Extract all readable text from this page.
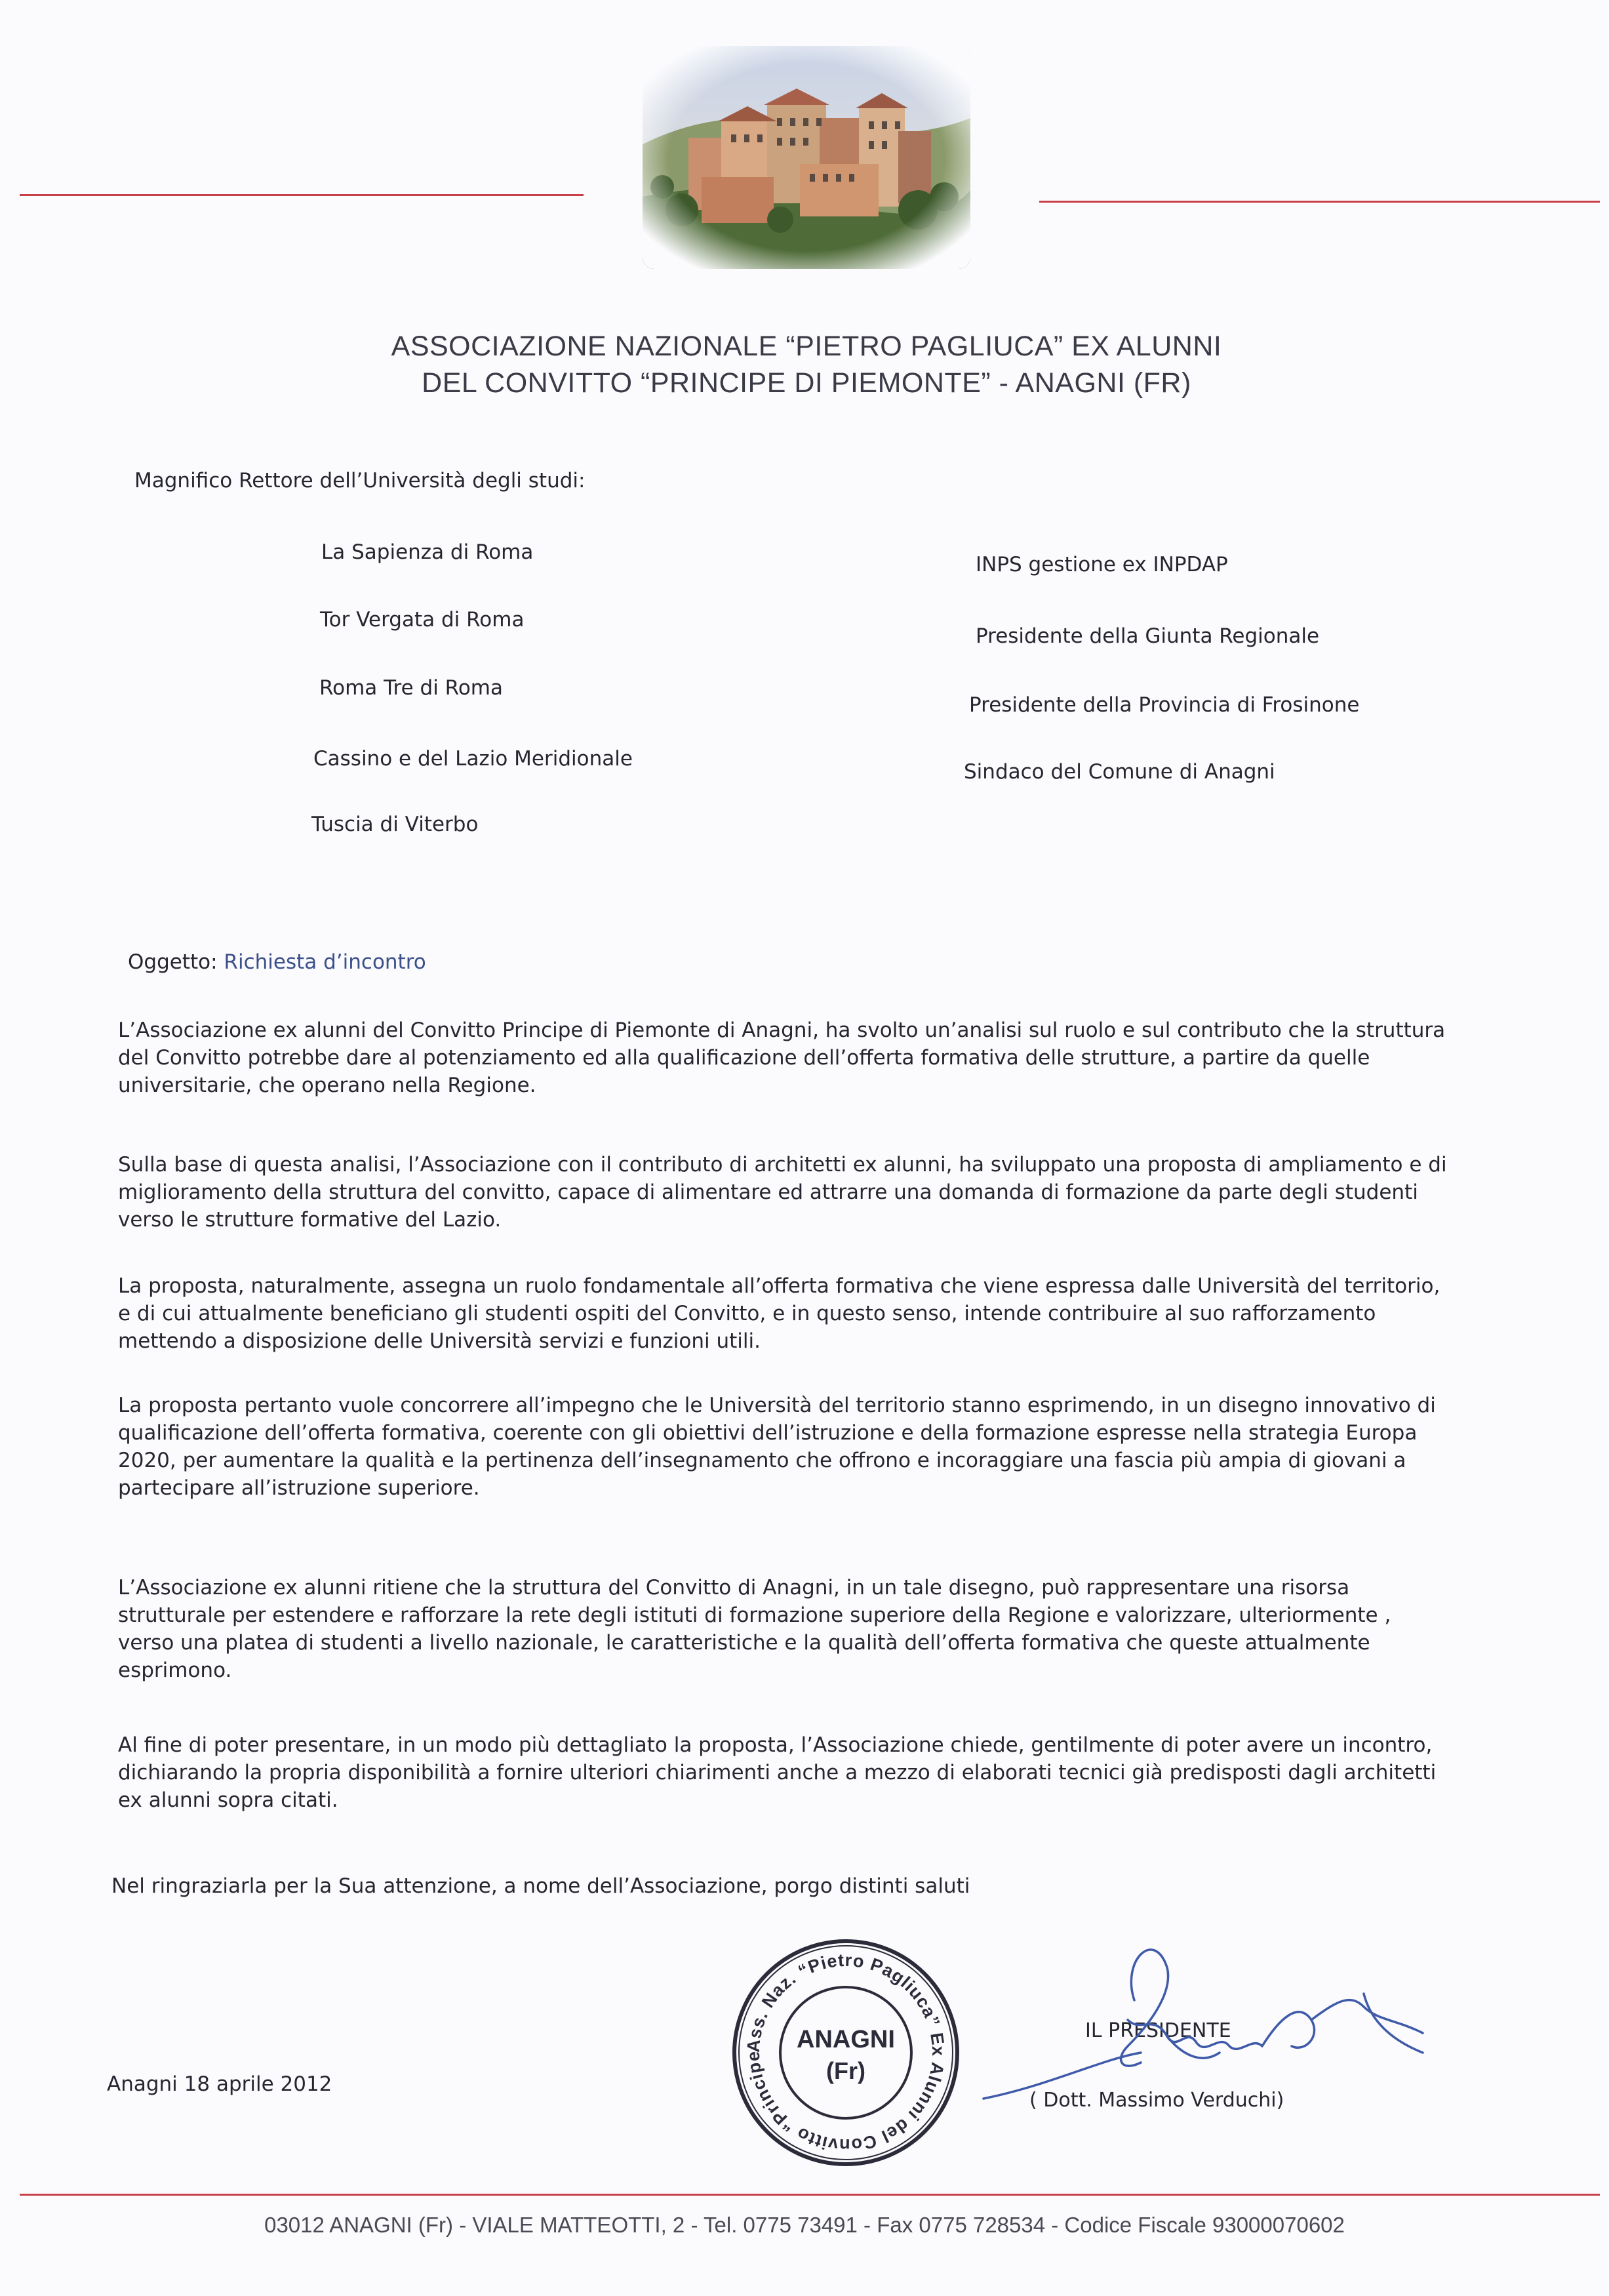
ASSOCIAZIONE NAZIONALE “PIETRO PAGLIUCA” EX ALUNNI
DEL CONVITTO “PRINCIPE DI PIEMONTE” - ANAGNI (FR)
Magnifico Rettore dell’Università degli studi:
La Sapienza di Roma
Tor Vergata di Roma
Roma Tre di Roma
Cassino e del Lazio Meridionale
Tuscia di Viterbo
INPS gestione ex INPDAP
Presidente della Giunta Regionale
Presidente della Provincia di Frosinone
Sindaco del Comune di Anagni
Oggetto: Richiesta d’incontro
L’Associazione ex alunni del Convitto Principe di Piemonte di Anagni, ha svolto un’analisi sul ruolo e sul contributo che la struttura
del Convitto potrebbe dare al potenziamento ed alla qualificazione dell’offerta formativa delle strutture, a partire da quelle
universitarie, che operano nella Regione.
Sulla base di questa analisi, l’Associazione con il contributo di architetti ex alunni, ha sviluppato una proposta di ampliamento e di
miglioramento della struttura del convitto, capace di alimentare ed attrarre una domanda di formazione da parte degli studenti
verso le strutture formative del Lazio.
La proposta, naturalmente, assegna un ruolo fondamentale all’offerta formativa che viene espressa dalle Università del territorio,
e di cui attualmente beneficiano gli studenti ospiti del Convitto, e in questo senso, intende contribuire al suo rafforzamento
mettendo a disposizione delle Università servizi e funzioni utili.
La proposta pertanto vuole concorrere all’impegno che le Università del territorio stanno esprimendo, in un disegno innovativo di
qualificazione dell’offerta formativa, coerente con gli obiettivi dell’istruzione e della formazione espresse nella strategia Europa
2020, per aumentare la qualità e la pertinenza dell’insegnamento che offrono e incoraggiare una fascia più ampia di giovani a
partecipare all’istruzione superiore.
L’Associazione ex alunni ritiene che la struttura del Convitto di Anagni, in un tale disegno, può rappresentare una risorsa
strutturale per estendere e rafforzare la rete degli istituti di formazione superiore della Regione e valorizzare, ulteriormente ,
verso una platea di studenti a livello nazionale, le caratteristiche e la qualità dell’offerta formativa che queste attualmente
esprimono.
Al fine di poter presentare, in un modo più dettagliato la proposta, l’Associazione chiede, gentilmente di poter avere un incontro,
dichiarando la propria disponibilità a fornire ulteriori chiarimenti anche a mezzo di elaborati tecnici già predisposti dagli architetti
ex alunni sopra citati.
Nel ringraziarla per la Sua attenzione, a nome dell’Associazione, porgo distinti saluti
Anagni 18 aprile 2012
Ass. Naz. “Pietro Pagliuca” Ex Alunni del Convitto “Principe
ANAGNI
(Fr)
IL PRESIDENTE
( Dott. Massimo Verduchi)
03012 ANAGNI (Fr) - VIALE MATTEOTTI, 2 - Tel. 0775 73491 - Fax 0775 728534 - Codice Fiscale 93000070602
